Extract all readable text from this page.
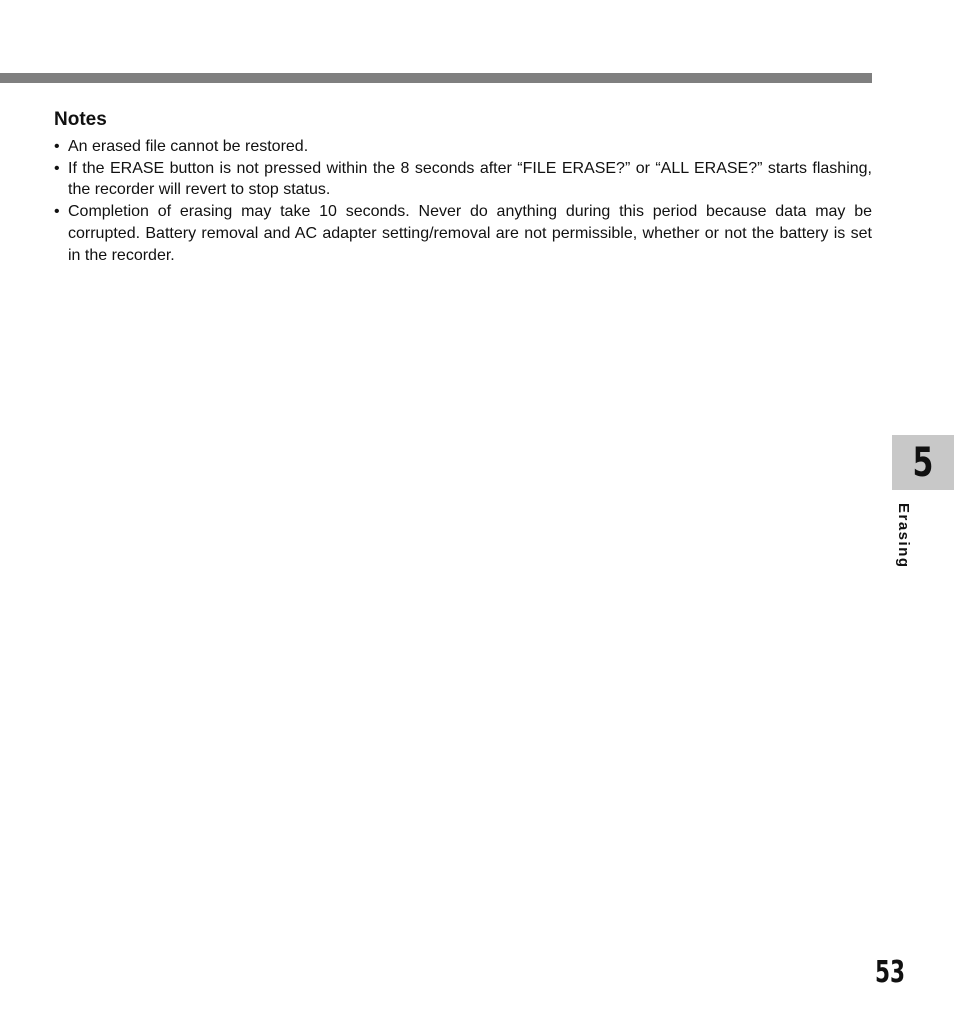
Notes
• An erased file cannot be restored.
• If the ERASE button is not pressed within the 8 seconds after “FILE ERASE?” or “ALL ERASE?” starts flashing, the recorder will revert to stop status.
• Completion of erasing may take 10 seconds. Never do anything during this period because data may be corrupted. Battery removal and AC adapter setting/removal are not permissible, whether or not the battery is set in the recorder.
5
Erasing
53
